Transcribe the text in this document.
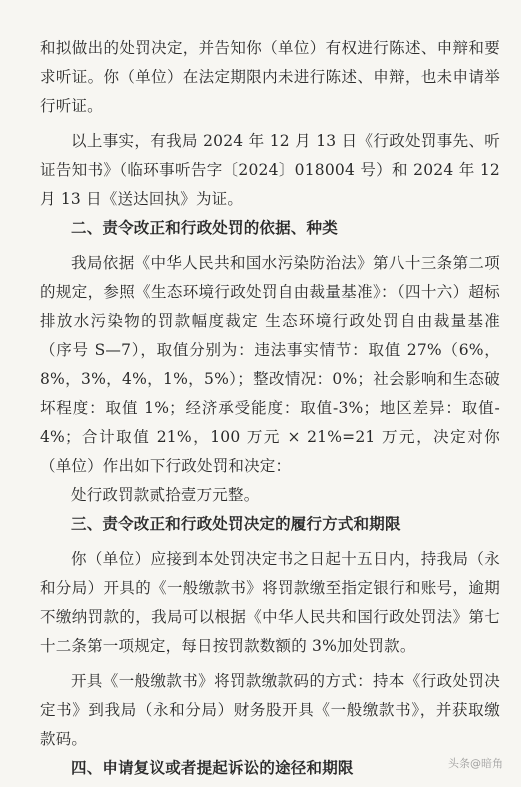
和拟做出的处罚决定，并告知你（单位）有权进行陈述、申辩和要求听证。你（单位）在法定期限内未进行陈述、申辩，也未申请举行听证。

以上事实，有我局 2024 年 12 月 13 日《行政处罚事先、听证告知书》（临环事听告字〔2024〕018004 号）和 2024 年 12 月 13 日《送达回执》为证。

二、责令改正和行政处罚的依据、种类

我局依据《中华人民共和国水污染防治法》第八十三条第二项的规定，参照《生态环境行政处罚自由裁量基准》：（四十六）超标排放水污染物的罚款幅度裁定 生态环境行政处罚自由裁量基准（序号 S—7），取值分别为：违法事实情节：取值 27%（6%，8%，3%，4%，1%，5%）；整改情况：0%；社会影响和生态破坏程度：取值 1%；经济承受能度：取值-3%；地区差异：取值-4%；合计取值 21%，100 万元 × 21%=21 万元，决定对你（单位）作出如下行政处罚和决定：

处行政罚款贰拾壹万元整。

三、责令改正和行政处罚决定的履行方式和期限

你（单位）应接到本处罚决定书之日起十五日内，持我局（永和分局）开具的《一般缴款书》将罚款缴至指定银行和账号，逾期不缴纳罚款的，我局可以根据《中华人民共和国行政处罚法》第七十二条第一项规定，每日按罚款数额的 3%加处罚款。

开具《一般缴款书》将罚款缴款码的方式：持本《行政处罚决定书》到我局（永和分局）财务股开具《一般缴款书》，并获取缴款码。

四、申请复议或者提起诉讼的途径和期限	头条@暗角
